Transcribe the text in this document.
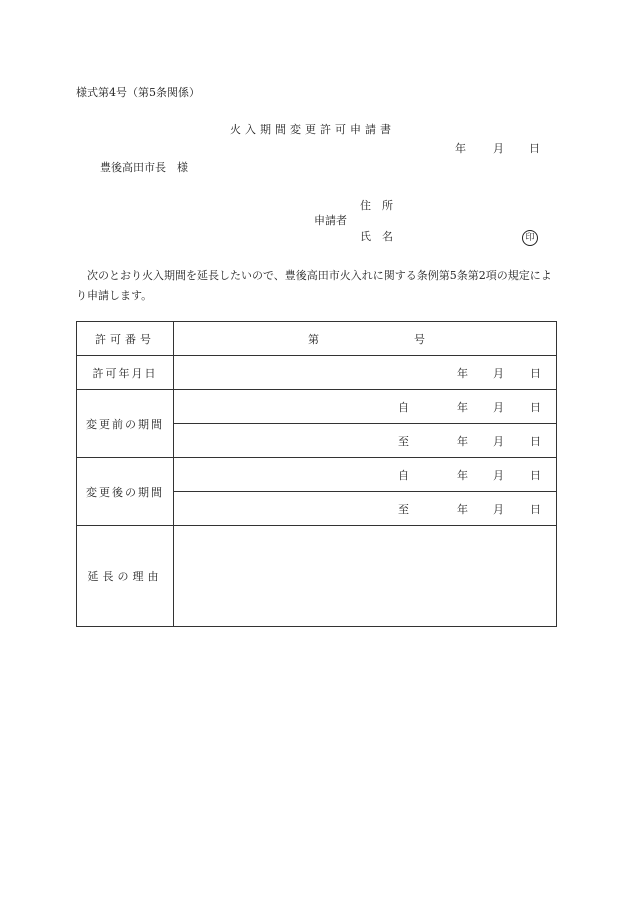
様式第4号（第5条関係）
火入期間変更許可申請書
年 月 日
豊後高田市長　様
住　所
申請者
氏　名	印
　次のとおり火入期間を延長したいので、豊後高田市火入れに関する条例第5条第2項の規定により申請します。
許可番号	第 号

許可年月日	年 月 日

変更前の期間	自 年 月 日

	至 年 月 日

変更後の期間	自 年 月 日

	至 年 月 日

延長の理由	
